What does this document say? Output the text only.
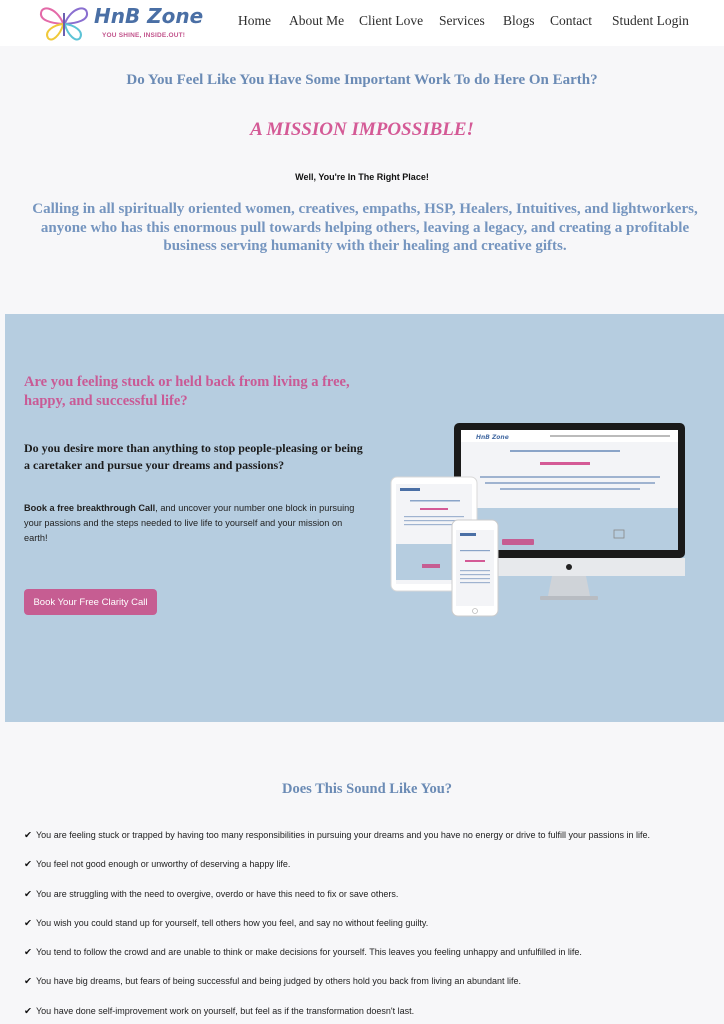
HnB Zone
YOU SHINE, INSIDE.OUT!
Home About Me Client Love Services Blogs Contact Student Login
Do You Feel Like You Have Some Important Work To do Here On Earth?
A MISSION IMPOSSIBLE!
Well, You're In The Right Place!
Calling in all spiritually oriented women, creatives, empaths, HSP, Healers, Intuitives, and lightworkers, anyone who has this enormous pull towards helping others, leaving a legacy, and creating a profitable business serving humanity with their healing and creative gifts.
Are you feeling stuck or held back from living a free, happy, and successful life?
Do you desire more than anything to stop people-pleasing or being a caretaker and pursue your dreams and passions?
Book a free breakthrough Call, and uncover your number one block in pursuing your passions and the steps needed to live life to yourself and your mission on earth!
Book Your Free Clarity Call
HnB Zone
Does This Sound Like You?
✔ You are feeling stuck or trapped by having too many responsibilities in pursuing your dreams and you have no energy or drive to fulfill your passions in life.
✔ You feel not good enough or unworthy of deserving a happy life.
✔ You are struggling with the need to overgive, overdo or have this need to fix or save others.
✔ You wish you could stand up for yourself, tell others how you feel, and say no without feeling guilty.
✔ You tend to follow the crowd and are unable to think or make decisions for yourself. This leaves you feeling unhappy and unfulfilled in life.
✔ You have big dreams, but fears of being successful and being judged by others hold you back from living an abundant life.
✔ You have done self-improvement work on yourself, but feel as if the transformation doesn't last.
